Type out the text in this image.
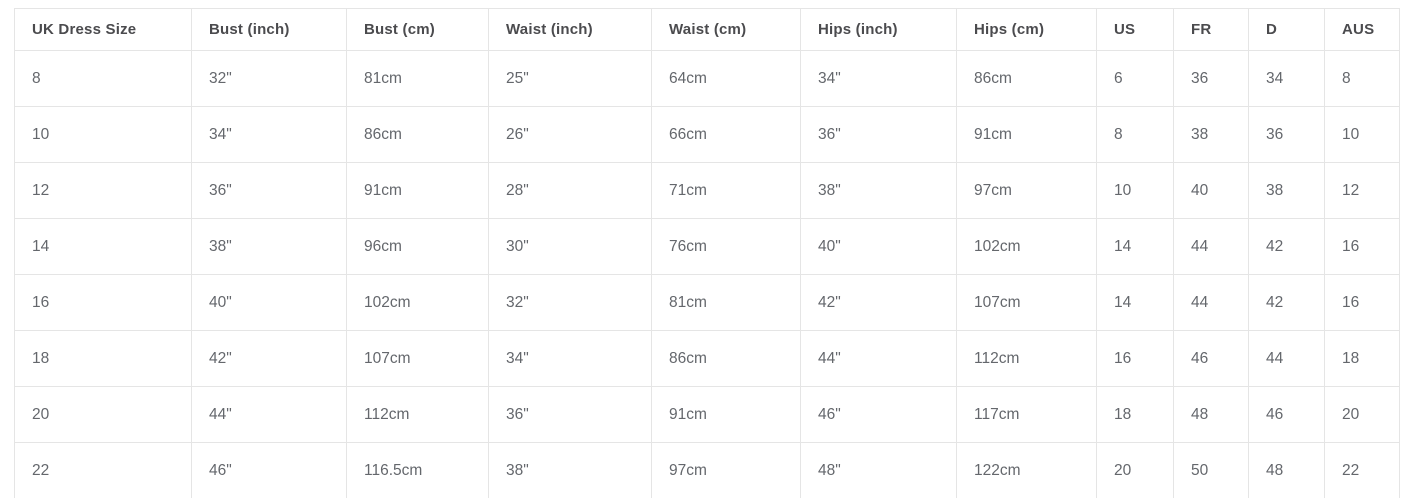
UK Dress Size	Bust (inch)	Bust (cm)	Waist (inch)	Waist (cm)	Hips (inch)	Hips (cm)	US	FR	D	AUS
8	32"	81cm	25"	64cm	34"	86cm	6	36	34	8
10	34"	86cm	26"	66cm	36"	91cm	8	38	36	10
12	36"	91cm	28"	71cm	38"	97cm	10	40	38	12
14	38"	96cm	30"	76cm	40"	102cm	14	44	42	16
16	40"	102cm	32"	81cm	42"	107cm	14	44	42	16
18	42"	107cm	34"	86cm	44"	112cm	16	46	44	18
20	44"	112cm	36"	91cm	46"	117cm	18	48	46	20
22	46"	116.5cm	38"	97cm	48"	122cm	20	50	48	22
